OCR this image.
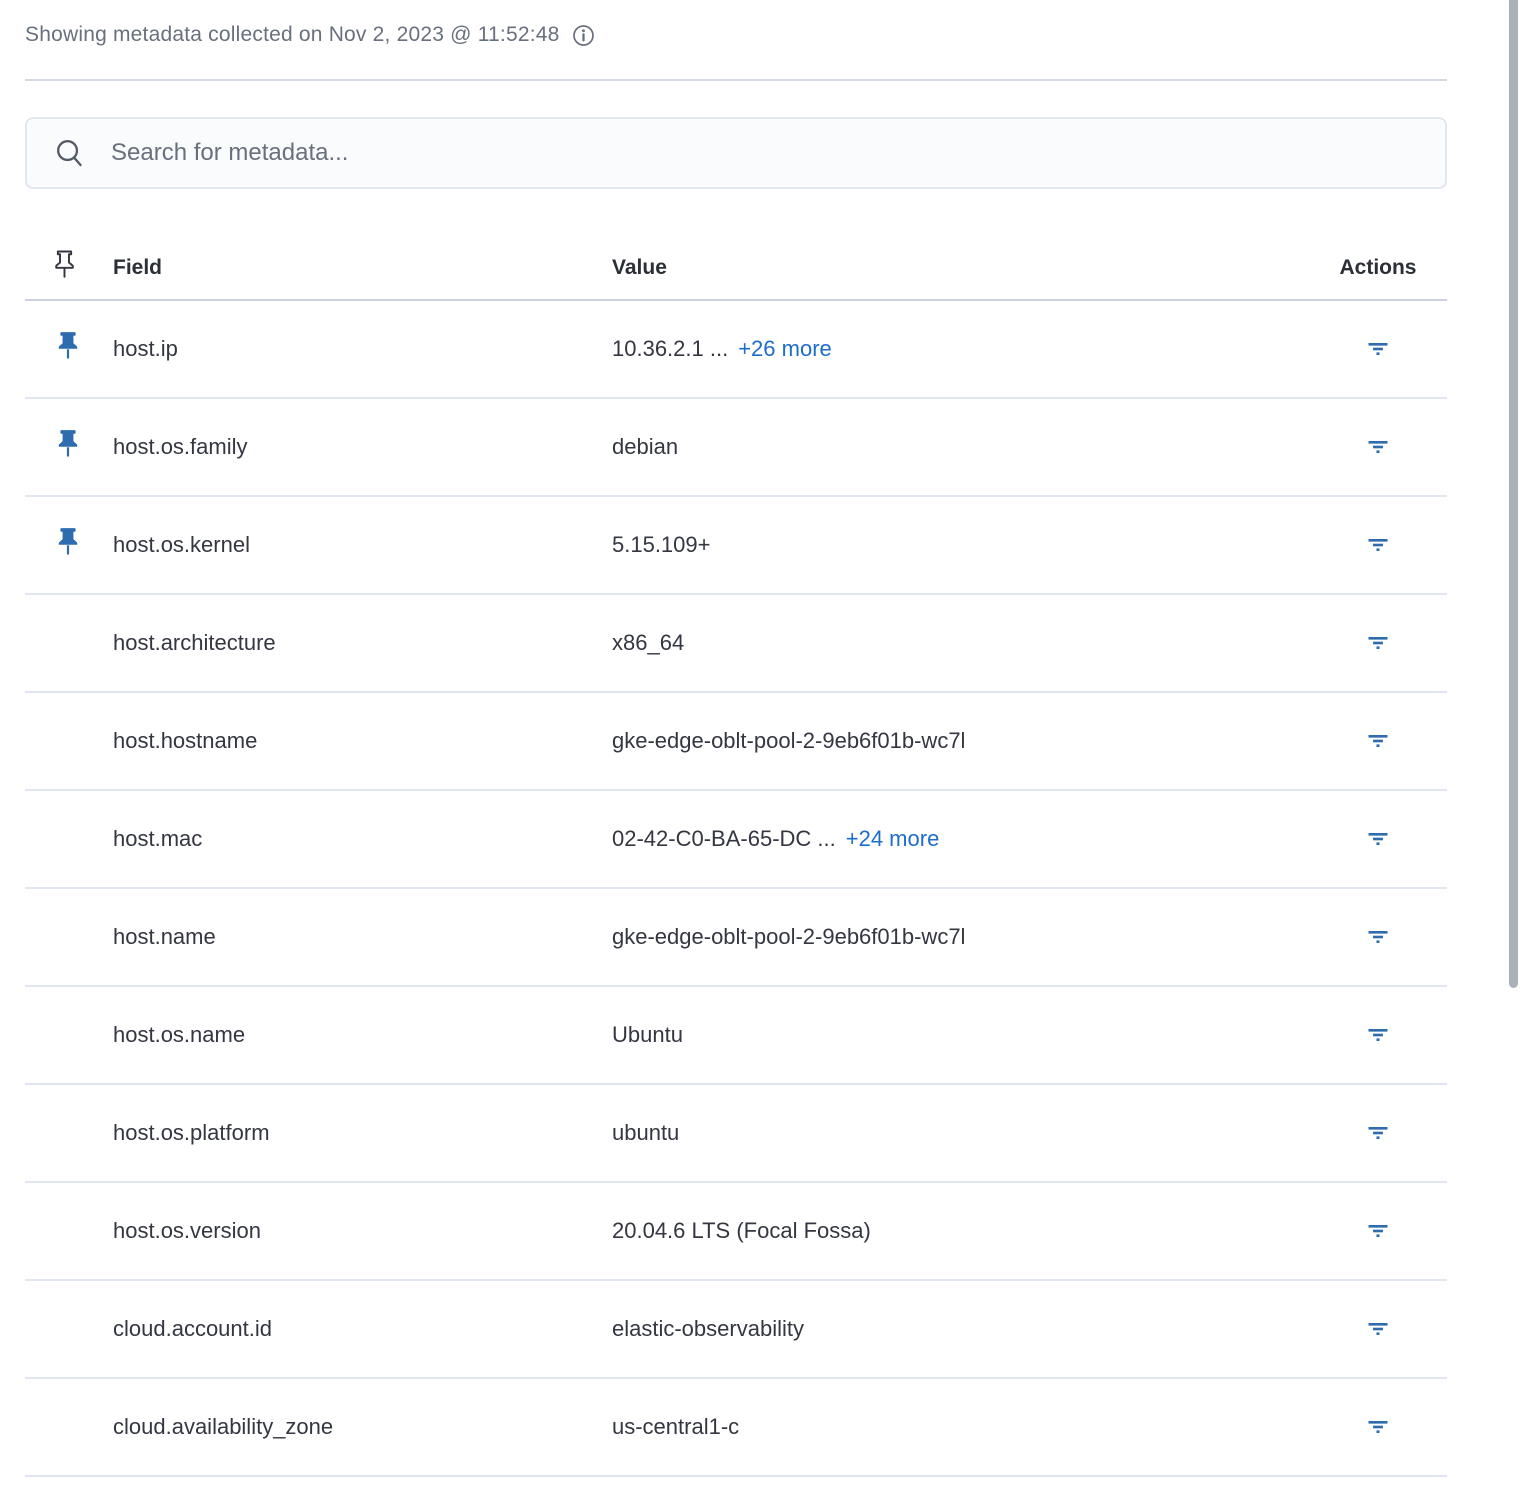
Showing metadata collected on Nov 2, 2023 @ 11:52:48
Search for metadata...
Field	Value	Actions
host.ip	10.36.2.1 ... +26 more
host.os.family	debian
host.os.kernel	5.15.109+
host.architecture	x86_64
host.hostname	gke-edge-oblt-pool-2-9eb6f01b-wc7l
host.mac	02-42-C0-BA-65-DC ... +24 more
host.name	gke-edge-oblt-pool-2-9eb6f01b-wc7l
host.os.name	Ubuntu
host.os.platform	ubuntu
host.os.version	20.04.6 LTS (Focal Fossa)
cloud.account.id	elastic-observability
cloud.availability_zone	us-central1-c
